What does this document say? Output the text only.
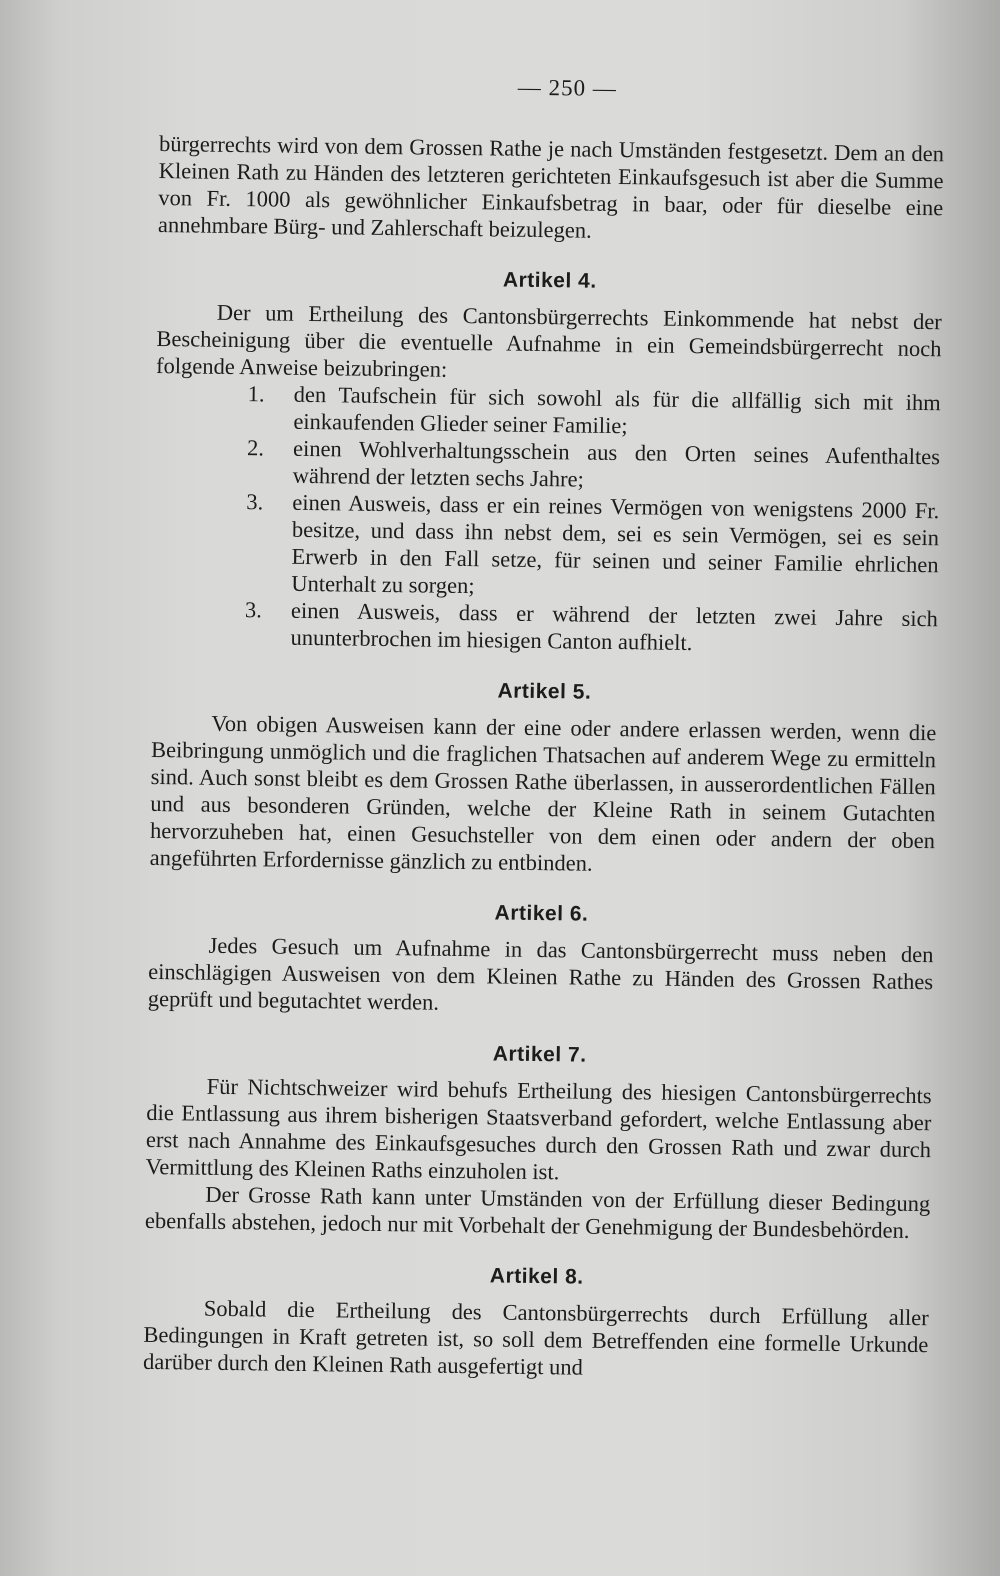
— 250 —

bürgerrechts wird von dem Grossen Rathe je nach Umständen festgesetzt. Dem an den Kleinen Rath zu Händen des letzteren gerichteten Einkaufsgesuch ist aber die Summe von Fr. 1000 als gewöhnlicher Einkaufsbetrag in baar, oder für dieselbe eine annehmbare Bürg- und Zahlerschaft beizulegen.

Artikel 4.

Der um Ertheilung des Cantonsbürgerrechts Einkommende hat nebst der Bescheinigung über die eventuelle Aufnahme in ein Gemeindsbürgerrecht noch folgende Anweise beizubringen:

1.	den Taufschein für sich sowohl als für die allfällig sich mit ihm einkaufenden Glieder seiner Familie;
2.	einen Wohlverhaltungsschein aus den Orten seines Aufenthaltes während der letzten sechs Jahre;
3.	einen Ausweis, dass er ein reines Vermögen von wenigstens 2000 Fr. besitze, und dass ihn nebst dem, sei es sein Vermögen, sei es sein Erwerb in den Fall setze, für seinen und seiner Familie ehrlichen Unterhalt zu sorgen;
3.	einen Ausweis, dass er während der letzten zwei Jahre sich ununterbrochen im hiesigen Canton aufhielt.
Artikel 5.

Von obigen Ausweisen kann der eine oder andere erlassen werden, wenn die Beibringung unmöglich und die fraglichen Thatsachen auf anderem Wege zu ermitteln sind. Auch sonst bleibt es dem Grossen Rathe überlassen, in ausserordentlichen Fällen und aus besonderen Gründen, welche der Kleine Rath in seinem Gutachten hervorzuheben hat, einen Gesuchsteller von dem einen oder andern der oben angeführten Erfordernisse gänzlich zu entbinden.

Artikel 6.

Jedes Gesuch um Aufnahme in das Cantonsbürgerrecht muss neben den einschlägigen Ausweisen von dem Kleinen Rathe zu Händen des Grossen Rathes geprüft und begutachtet werden.

Artikel 7.

Für Nichtschweizer wird behufs Ertheilung des hiesigen Cantonsbürgerrechts die Entlassung aus ihrem bisherigen Staatsverband gefordert, welche Entlassung aber erst nach Annahme des Einkaufsgesuches durch den Grossen Rath und zwar durch Vermittlung des Kleinen Raths einzuholen ist.

Der Grosse Rath kann unter Umständen von der Erfüllung dieser Bedingung ebenfalls abstehen, jedoch nur mit Vorbehalt der Genehmigung der Bundesbehörden.

Artikel 8.

Sobald die Ertheilung des Cantonsbürgerrechts durch Erfüllung aller Bedingungen in Kraft getreten ist, so soll dem Betreffenden eine formelle Urkunde darüber durch den Kleinen Rath ausgefertigt und
